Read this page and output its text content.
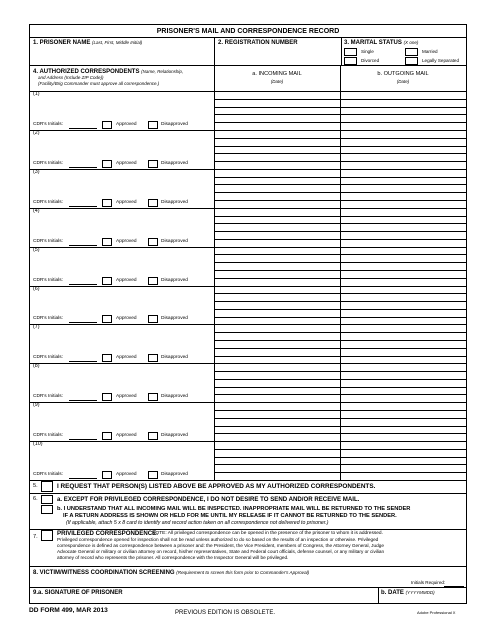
PRISONER'S MAIL AND CORRESPONDENCE RECORD
1. PRISONER NAME (Last, First, Middle Initial)	2. REGISTRATION NUMBER	3. MARITAL STATUS (X one)
Single	Married
Divorced	Legally Separated
4. AUTHORIZED CORRESPONDENTS (Name, Relationship,
and Address (Include ZIP Code))
(Facility/Brig Commander must approve all correspondence.)
a. INCOMING MAIL
(Date)
b. OUTGOING MAIL
(Date)
(1)
CDR's Initials:	Approved	Disapproved
(2)
CDR's Initials:	Approved	Disapproved
(3)
CDR's Initials:	Approved	Disapproved
(4)
CDR's Initials:	Approved	Disapproved
(5)
CDR's Initials:	Approved	Disapproved
(6)
CDR's Initials:	Approved	Disapproved
(7)
CDR's Initials:	Approved	Disapproved
(8)
CDR's Initials:	Approved	Disapproved
(9)
CDR's Initials:	Approved	Disapproved
(10)
CDR's Initials:	Approved	Disapproved
5.	I REQUEST THAT PERSON(S) LISTED ABOVE BE APPROVED AS MY AUTHORIZED CORRESPONDENTS.
6.	a. EXCEPT FOR PRIVILEGED CORRESPONDENCE, I DO NOT DESIRE TO SEND AND/OR RECEIVE MAIL.
b. I UNDERSTAND THAT ALL INCOMING MAIL WILL BE INSPECTED. INAPPROPRIATE MAIL WILL BE RETURNED TO THE SENDER
IF A RETURN ADDRESS IS SHOWN OR HELD FOR ME UNTIL MY RELEASE IF IT CANNOT BE RETURNED TO THE SENDER.
(If applicable, attach 5 x 8 card to identify and record action taken on all correspondence not delivered to prisoner.)
7.	PRIVILEGED CORRESPONDENCE.
NOTE: All privileged correspondence can be opened in the presence of the prisoner to whom it is addressed.
Privileged correspondence opened for inspection shall not be read unless authorized to do so based on the results of an inspection or otherwise. Privileged
correspondence is defined as correspondence between a prisoner and: the President, the Vice President, members of Congress, the Attorney General, Judge
Advocate General or military or civilian attorney on record, his/her representatives, State and Federal court officials, defense counsel, or any military or civilian
attorney of record who represents the prisoner. All correspondence with the Inspector General will be privileged.
8. VICTIM/WITNESS COORDINATION SCREENING (Requirement to screen this form prior to Commander's Approval)
Initials Required:
9.a. SIGNATURE OF PRISONER	b. DATE (YYYYMMDD)
DD FORM 499, MAR 2013	PREVIOUS EDITION IS OBSOLETE.	Adobe Professional X
